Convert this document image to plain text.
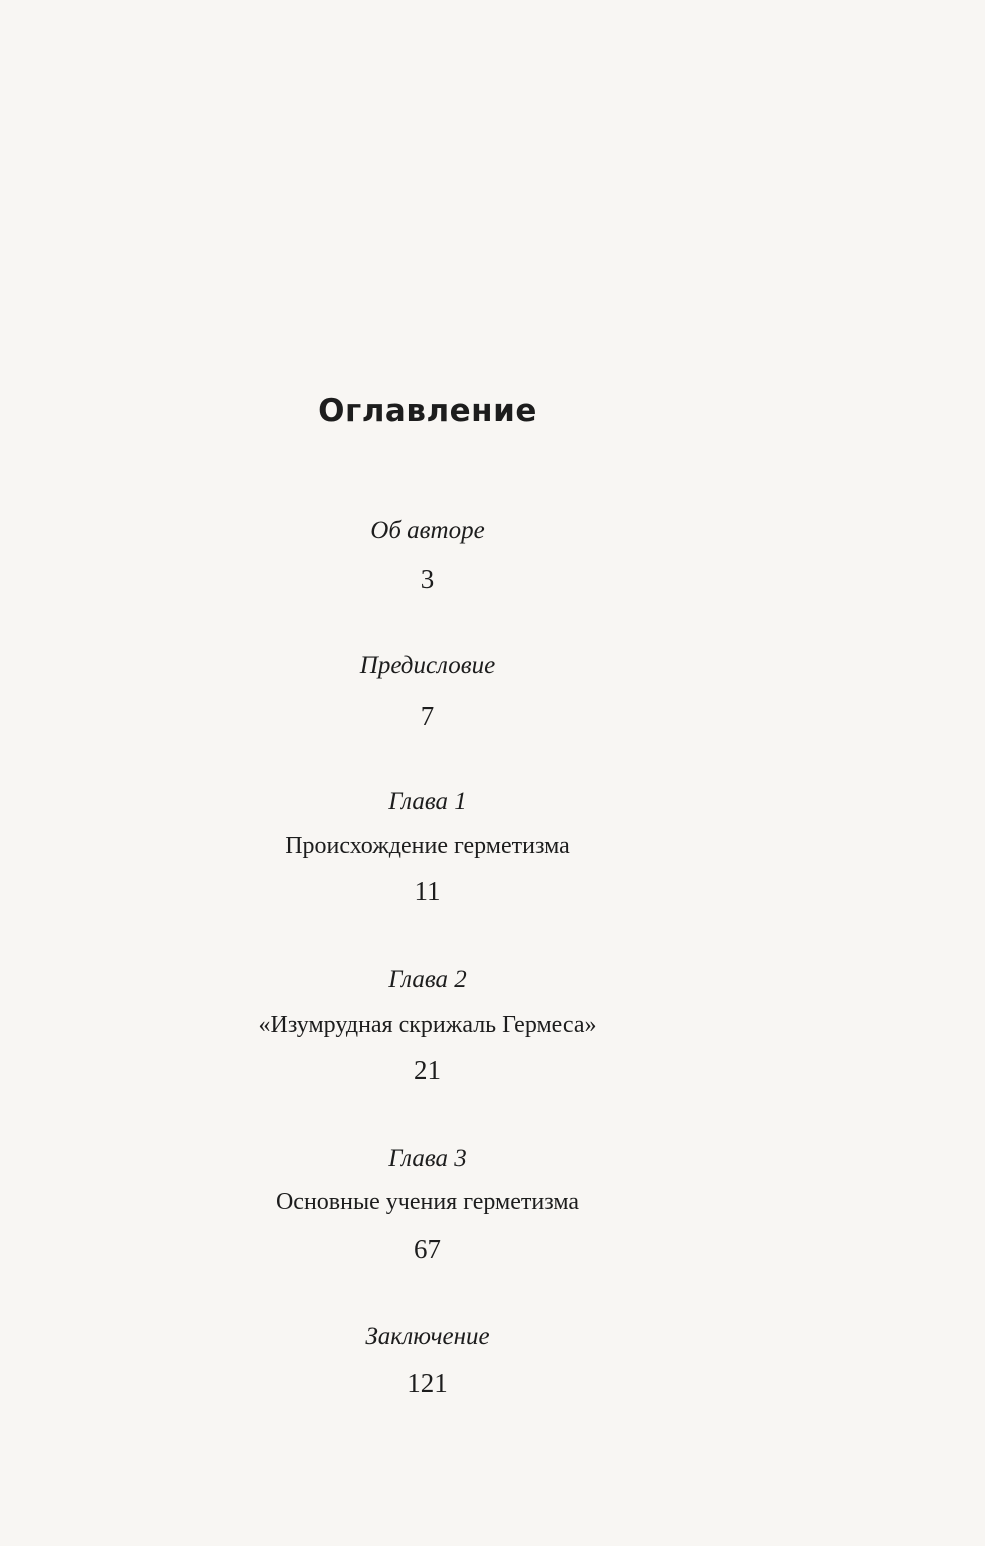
Оглавление
Об авторе
3
Предисловие
7
Глава 1
Происхождение герметизма
11
Глава 2
«Изумрудная скрижаль Гермеса»
21
Глава 3
Основные учения герметизма
67
Заключение
121
